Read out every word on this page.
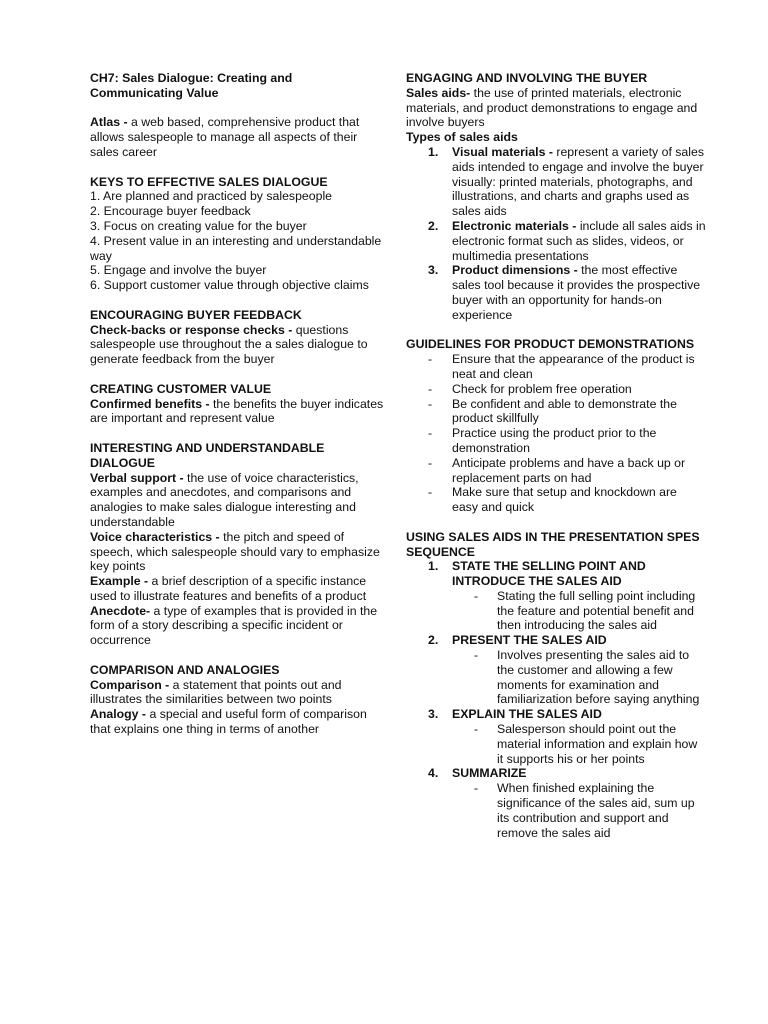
CH7: Sales Dialogue: Creating and Communicating Value

Atlas - a web based, comprehensive product that allows salespeople to manage all aspects of their sales career

KEYS TO EFFECTIVE SALES DIALOGUE

1. Are planned and practiced by salespeople

2. Encourage buyer feedback

3. Focus on creating value for the buyer

4. Present value in an interesting and understandable way

5. Engage and involve the buyer

6. Support customer value through objective claims

ENCOURAGING BUYER FEEDBACK

Check-backs or response checks - questions salespeople use throughout the a sales dialogue to generate feedback from the buyer

CREATING CUSTOMER VALUE

Confirmed benefits - the benefits the buyer indicates are important and represent value

INTERESTING AND UNDERSTANDABLE DIALOGUE

Verbal support - the use of voice characteristics, examples and anecdotes, and comparisons and analogies to make sales dialogue interesting and understandable

Voice characteristics - the pitch and speed of speech, which salespeople should vary to emphasize key points

Example - a brief description of a specific instance used to illustrate features and benefits of a product

Anecdote- a type of examples that is provided in the form of a story describing a specific incident or occurrence

COMPARISON AND ANALOGIES

Comparison - a statement that points out and illustrates the similarities between two points

Analogy - a special and useful form of comparison that explains one thing in terms of another

ENGAGING AND INVOLVING THE BUYER

Sales aids- the use of printed materials, electronic materials, and product demonstrations to engage and involve buyers

Types of sales aids

1. Visual materials - represent a variety of sales aids intended to engage and involve the buyer visually: printed materials, photographs, and illustrations, and charts and graphs used as sales aids
2. Electronic materials - include all sales aids in electronic format such as slides, videos, or multimedia presentations
3. Product dimensions - the most effective sales tool because it provides the prospective buyer with an opportunity for hands-on experience

GUIDELINES FOR PRODUCT DEMONSTRATIONS

- Ensure that the appearance of the product is neat and clean
- Check for problem free operation
- Be confident and able to demonstrate the product skillfully
- Practice using the product prior to the demonstration
- Anticipate problems and have a back up or replacement parts on had
- Make sure that setup and knockdown are easy and quick

USING SALES AIDS IN THE PRESENTATION SPES SEQUENCE

1. STATE THE SELLING POINT AND INTRODUCE THE SALES AID
- Stating the full selling point including the feature and potential benefit and then introducing the sales aid
2. PRESENT THE SALES AID
- Involves presenting the sales aid to the customer and allowing a few moments for examination and familiarization before saying anything
3. EXPLAIN THE SALES AID
- Salesperson should point out the material information and explain how it supports his or her points
4. SUMMARIZE
- When finished explaining the significance of the sales aid, sum up its contribution and support and remove the sales aid
